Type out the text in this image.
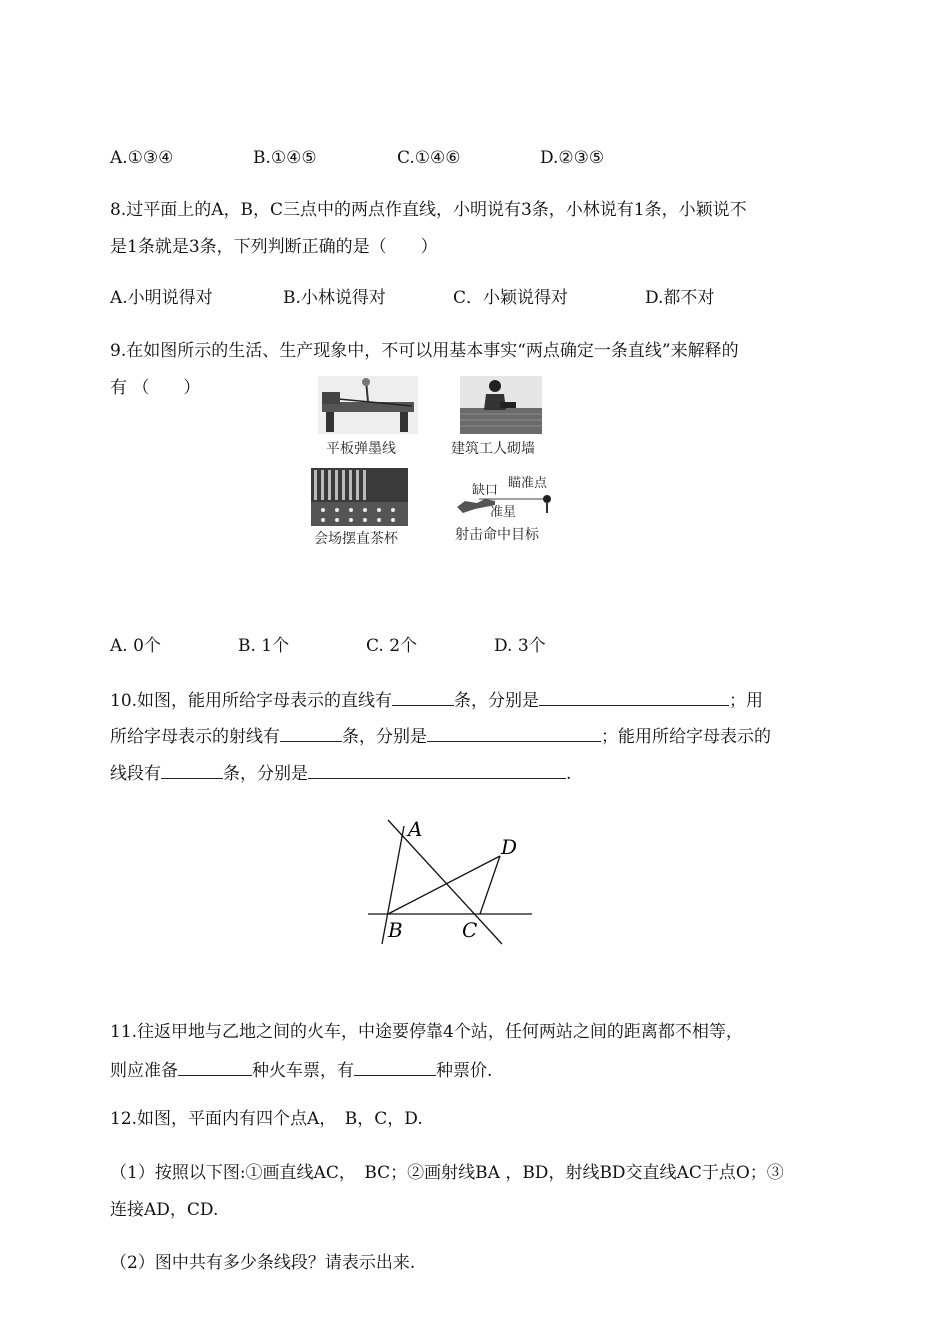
A.①③④	B.①④⑤	C.①④⑥	D.②③⑤
8.过平面上的A，B，C三点中的两点作直线，小明说有3条，小林说有1条，小颖说不
是1条就是3条，下列判断正确的是（　　）
A.小明说得对	B.小林说得对	C．小颖说得对	D.都不对
9.在如图所示的生活、生产现象中，不可以用基本事实“两点确定一条直线”来解释的
有 （　　）
平板弹墨线	建筑工人砌墙
会场摆直茶杯	射击命中目标
缺口 瞄准点
准星
A. 0个	B. 1个	C. 2个	D. 3个
10.如图，能用所给字母表示的直线有	条，分别是	；用
所给字母表示的射线有	条，分别是	；能用所给字母表示的
线段有	条，分别是	.
A
D
B	C
11.往返甲地与乙地之间的火车，中途要停靠4个站，任何两站之间的距离都不相等，
则应准备	种火车票，有	种票价.
12.如图，平面内有四个点A，　B，C，D.
（1）按照以下图:①画直线AC，　BC；②画射线BA ，BD，射线BD交直线AC于点O；③
连接AD，CD.
（2）图中共有多少条线段？请表示出来.
